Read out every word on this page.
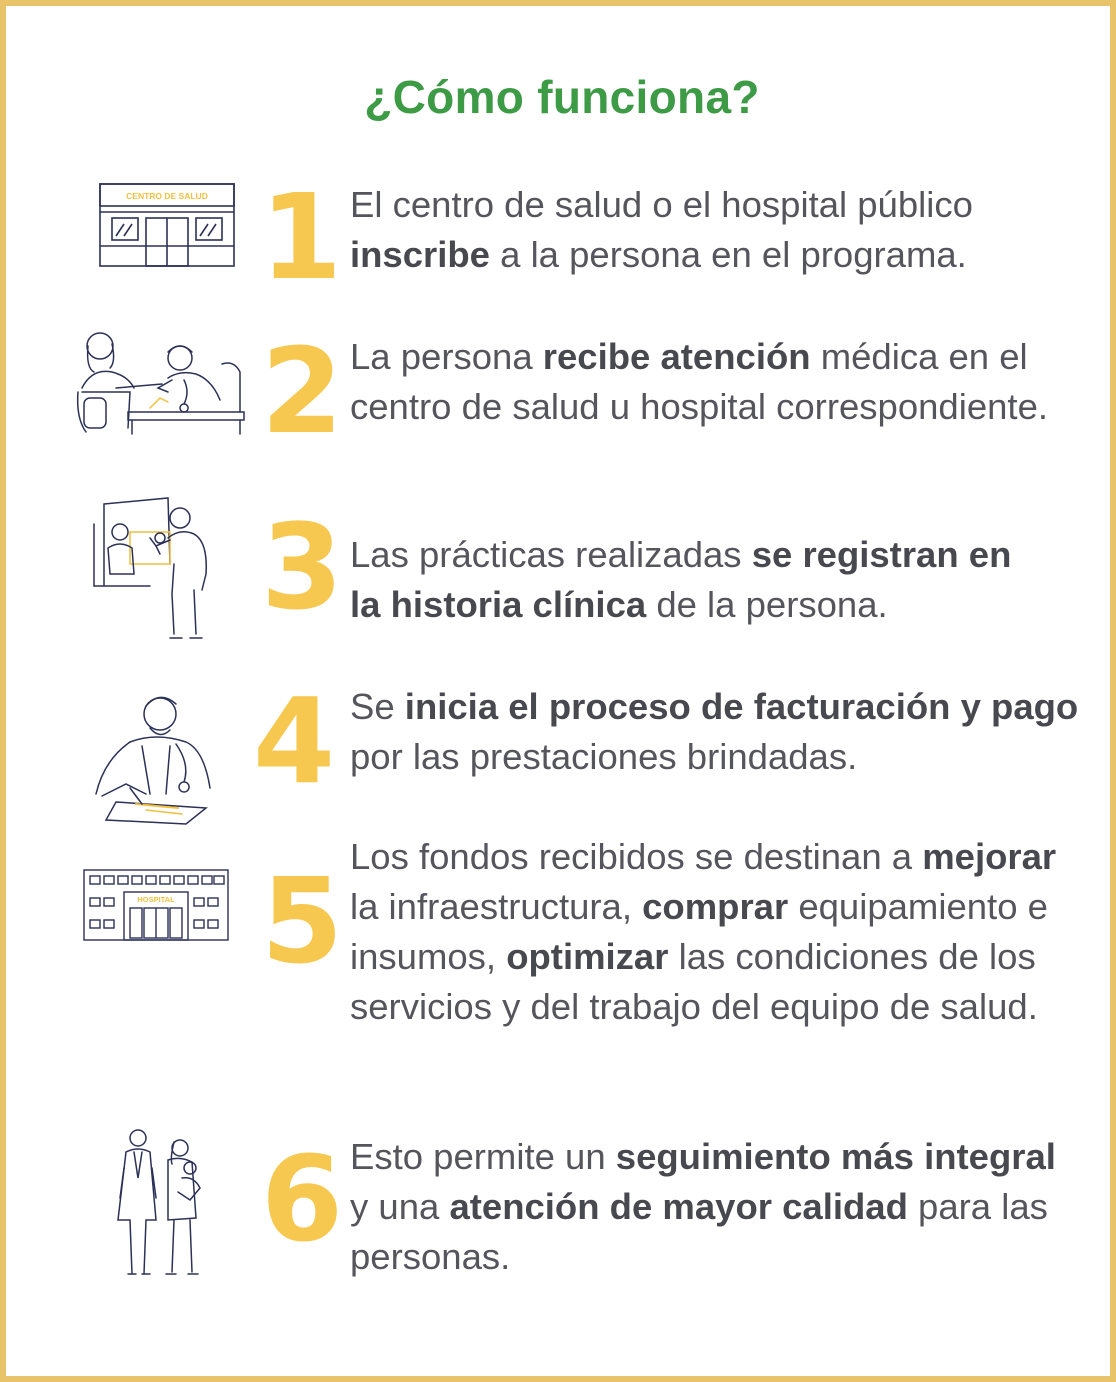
¿Cómo funciona?
CENTRO DE SALUD 1 El centro de salud o el hospital público inscribe a la persona en el programa.
2 La persona recibe atención médica en el centro de salud u hospital correspondiente.
3 Las prácticas realizadas se registran en la historia clínica de la persona.
4 Se inicia el proceso de facturación y pago por las prestaciones brindadas.
HOSPITAL 5 Los fondos recibidos se destinan a mejorar la infraestructura, comprar equipamiento e insumos, optimizar las condiciones de los servicios y del trabajo del equipo de salud.
6 Esto permite un seguimiento más integral y una atención de mayor calidad para las personas.
